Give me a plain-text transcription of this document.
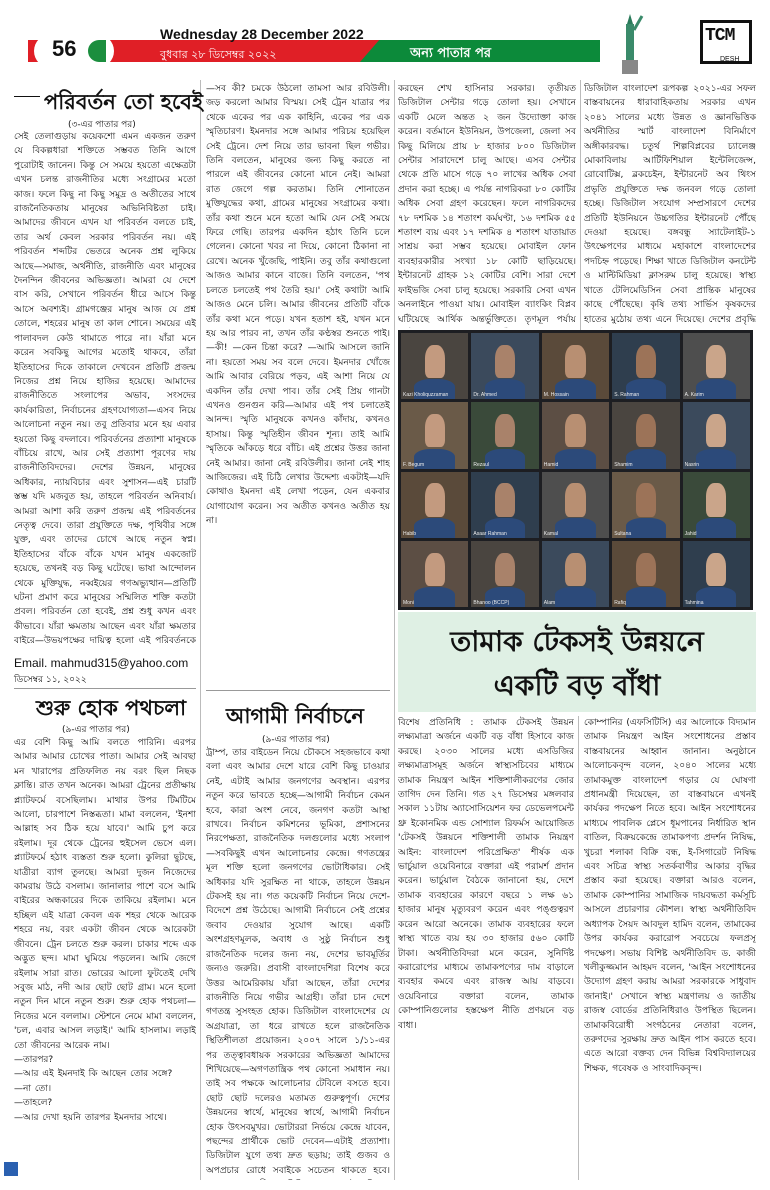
56
Wednesday 28 December 2022
বুধবার ২৮ ডিসেম্বর ২০২২	অন্য পাতার পর
TCM
DESH
পরিবর্তন তো হবেই
(৩-এর পাতার পর)
সেই তেলাগুড়ায় কয়েকশো এমন একজন তরুণ যে বিকল্পধারা শক্তিতে সম্ভবত তিনি আগে পুরোটাই জানেন। কিন্তু সে সময়ে হয়তো এক্ষেত্রটা এখন চলন্ত রাজনীতির মধ্যে সংগ্রামের মতো কাজ। ফলে কিছু না কিছু সমুদ্র ও অতীতের সাথে রাজনৈতিকতায় মানুষের অভিনিবিষ্টতা চাই। আমাদের জীবনে এখন যা পরিবর্তন বলতে চাই, তার অর্থ কেবল সরকার পরিবর্তন নয়। এই পরিবর্তন শব্দটির ভেতরে অনেক প্রশ্ন লুকিয়ে আছে—সমাজ, অর্থনীতি, রাজনীতি এবং মানুষের দৈনন্দিন জীবনের অভিজ্ঞতা। আমরা যে দেশে বাস করি, সেখানে পরিবর্তন ধীরে আসে কিন্তু আসে অবশ্যই। গ্রামগঞ্জের মানুষ আজ যে প্রশ্ন তোলে, শহরের মানুষ তা কাল শোনে। সময়ের এই পালাবদল কেউ থামাতে পারে না। যাঁরা মনে করেন সবকিছু আগের মতোই থাকবে, তাঁরা ইতিহাসের দিকে তাকালে দেখবেন প্রতিটি প্রজন্ম নিজের প্রশ্ন নিয়ে হাজির হয়েছে। আমাদের রাজনীতিতে সংলাপের অভাব, সংসদের কার্যকারিতা, নির্বাচনের গ্রহণযোগ্যতা—এসব নিয়ে আলোচনা নতুন নয়। তবু প্রতিবার মনে হয় এবার হয়তো কিছু বদলাবে। পরিবর্তনের প্রত্যাশা মানুষকে বাঁচিয়ে রাখে, আর সেই প্রত্যাশা পূরণের দায় রাজনীতিবিদদের। দেশের উন্নয়ন, মানুষের অধিকার, ন্যায়বিচার এবং সুশাসন—এই চারটি স্তম্ভ যদি মজবুত হয়, তাহলে পরিবর্তন অনিবার্য। আমরা আশা করি তরুণ প্রজন্ম এই পরিবর্তনের নেতৃত্ব দেবে। তারা প্রযুক্তিতে দক্ষ, পৃথিবীর সঙ্গে যুক্ত, এবং তাদের চোখে আছে নতুন স্বপ্ন। ইতিহাসের বাঁকে বাঁকে যখন মানুষ একজোট হয়েছে, তখনই বড় কিছু ঘটেছে। ভাষা আন্দোলন থেকে মুক্তিযুদ্ধ, নব্বইয়ের গণঅভ্যুত্থান—প্রতিটি ঘটনা প্রমাণ করে মানুষের সম্মিলিত শক্তি কতটা প্রবল। পরিবর্তন তো হবেই, প্রশ্ন শুধু কখন এবং কীভাবে। যাঁরা ক্ষমতায় আছেন এবং যাঁরা ক্ষমতার বাইরে—উভয়পক্ষের দায়িত্ব হলো এই পরিবর্তনকে
Email. mahmud315@yahoo.com
ডিসেম্বর ১১, ২০২২
শুরু হোক পথচলা
(৯-এর পাতার পর)
এর বেশি কিছু আমি বলতে পারিনি। এরপর আমার আমার চোখের পাতা। আমার সেই আবছা মন খারাপের প্রতিফলিত নয় বরং ছিল নিছক ক্লান্তি। রাত তখন অনেক। আমরা ট্রেনের প্রতীক্ষায় প্ল্যাটফর্মে বসেছিলাম। মাথার উপর টিমটিমে আলো, চারপাশে নিস্তব্ধতা। মামা বললেন, 'ইনশা আল্লাহ সব ঠিক হয়ে যাবে।' আমি চুপ করে রইলাম। দূর থেকে ট্রেনের হুইসেল ভেসে এল। প্ল্যাটফর্মে হঠাৎ ব্যস্ততা শুরু হলো। কুলিরা ছুটছে, যাত্রীরা ব্যাগ তুলছে। আমরা দুজন নিজেদের কামরায় উঠে বসলাম। জানালার পাশে বসে আমি বাইরের অন্ধকারের দিকে তাকিয়ে রইলাম। মনে হচ্ছিল এই যাত্রা কেবল এক শহর থেকে আরেক শহরে নয়, বরং একটা জীবন থেকে আরেকটা জীবনে। ট্রেন চলতে শুরু করল। চাকার শব্দে এক অদ্ভুত ছন্দ। মামা ঘুমিয়ে পড়লেন। আমি জেগে রইলাম সারা রাত। ভোরের আলো ফুটতেই দেখি সবুজ মাঠ, নদী আর ছোট ছোট গ্রাম। মনে হলো নতুন দিন মানে নতুন শুরু। শুরু হোক পথচলা—নিজের মনে বললাম। স্টেশনে নেমে মামা বললেন, 'চল, এবার আসল লড়াই।' আমি হাসলাম। লড়াই তো জীবনের আরেক নাম।
—তারপর?
—আর এই ইমনদাই কি আছেন তোর সঙ্গে?
—না তো।
—তাহলে?
—আর দেখা হয়নি তারপর ইমনদার সাথে।
—সব কী? চমকে উঠলো তামসা আর রবিউলী। জড় করলো আমার বিস্ময়। সেই ট্রেন যাত্রার পর থেকে একের পর এক কাহিনি, একের পর এক স্মৃতিচারণ। ইমনদার সঙ্গে আমার পরিচয় হয়েছিল সেই ট্রেনে। দেশ নিয়ে তার ভাবনা ছিল গভীর। তিনি বলতেন, মানুষের জন্য কিছু করতে না পারলে এই জীবনের কোনো মানে নেই। আমরা রাত জেগে গল্প করতাম। তিনি শোনাতেন মুক্তিযুদ্ধের কথা, গ্রামের মানুষের সংগ্রামের কথা। তাঁর কথা শুনে মনে হতো আমি যেন সেই সময়ে ফিরে গেছি। তারপর একদিন হঠাৎ তিনি চলে গেলেন। কোনো খবর না দিয়ে, কোনো ঠিকানা না রেখে। অনেক খুঁজেছি, পাইনি। তবু তাঁর কথাগুলো আজও আমার কানে বাজে। তিনি বলতেন, 'পথ চলতে চলতেই পথ তৈরি হয়।' সেই কথাটা আমি আজও মেনে চলি। আমার জীবনের প্রতিটি বাঁকে তাঁর কথা মনে পড়ে। যখন হতাশ হই, যখন মনে হয় আর পারব না, তখন তাঁর কণ্ঠস্বর শুনতে পাই। —কী! —কেন চিন্তা করে? —আমি আসলে জানি না। হয়তো সময় সব বলে দেবে। ইমনদার খোঁজে আমি আবার বেরিয়ে পড়ব, এই আশা নিয়ে যে একদিন তাঁর দেখা পাব। তাঁর সেই প্রিয় গানটা এখনও গুনগুন করি—আমার এই পথ চলাতেই আনন্দ। স্মৃতি মানুষকে কখনও কাঁদায়, কখনও হাসায়। কিন্তু স্মৃতিহীন জীবন শূন্য। তাই আমি স্মৃতিকে আঁকড়ে ধরে বাঁচি। এই প্রশ্নের উত্তর জানা নেই আমার। জানা নেই রবিউলীর। জানা নেই শাহ আজিজের। এই চিঠি লেখার উদ্দেশ্য একটাই—যদি কোথাও ইমনদা এই লেখা পড়েন, যেন একবার যোগাযোগ করেন। সব অতীত কখনও অতীত হয় না।
আগামী নির্বাচনে
(৯-এর পাতার পর)
ট্রাম্প, তার বাইডেন নিয়ে চৌকসে সহজভাবে কথা বলা এবং আমার দেশে যারে বেশি কিছু চাওয়ার নেই, এটাই আমার জনগণের অবস্থান। এরপর নতুন করে ভাবতে হচ্ছে—আগামী নির্বাচন কেমন হবে, কারা অংশ নেবে, জনগণ কতটা আস্থা রাখবে। নির্বাচন কমিশনের ভূমিকা, প্রশাসনের নিরপেক্ষতা, রাজনৈতিক দলগুলোর মধ্যে সংলাপ—সবকিছুই এখন আলোচনার কেন্দ্রে। গণতন্ত্রের মূল শক্তি হলো জনগণের ভোটাধিকার। সেই অধিকার যদি সুরক্ষিত না থাকে, তাহলে উন্নয়ন টেকসই হয় না। গত কয়েকটি নির্বাচন নিয়ে দেশে-বিদেশে প্রশ্ন উঠেছে। আগামী নির্বাচনে সেই প্রশ্নের জবাব দেওয়ার সুযোগ আছে। একটি অংশগ্রহণমূলক, অবাধ ও সুষ্ঠু নির্বাচন শুধু রাজনৈতিক দলের জন্য নয়, দেশের ভাবমূর্তির জন্যও জরুরি। প্রবাসী বাংলাদেশিরা বিশেষ করে উত্তর আমেরিকায় যাঁরা আছেন, তাঁরা দেশের রাজনীতি নিয়ে গভীর আগ্রহী। তাঁরা চান দেশে গণতন্ত্র সুসংহত হোক। ডিজিটাল বাংলাদেশের যে অগ্রযাত্রা, তা ধরে রাখতে হলে রাজনৈতিক স্থিতিশীলতা প্রয়োজন। ২০০৭ সালে ১/১১-এর পর তত্ত্বাবধায়ক সরকারের অভিজ্ঞতা আমাদের শিখিয়েছে—অগণতান্ত্রিক পথ কোনো সমাধান নয়। তাই সব পক্ষকে আলোচনার টেবিলে বসতে হবে। ছোট ছোট দলেরও মতামত গুরুত্বপূর্ণ। দেশের উন্নয়নের স্বার্থে, মানুষের স্বার্থে, আগামী নির্বাচন হোক উৎসবমুখর। ভোটাররা নির্ভয়ে কেন্দ্রে যাবেন, পছন্দের প্রার্থীকে ভোট দেবেন—এটাই প্রত্যাশা। ডিজিটাল যুগে তথ্য দ্রুত ছড়ায়; তাই গুজব ও অপপ্রচার রোধে সবাইকে সচেতন থাকতে হবে।
করছেন শেখ হাসিনার সরকার। তৃতীয়ত ডিজিটাল সেন্টার গড়ে তোলা হয়। সেখানে একটি মেলে অন্তত ২ জন উদ্যোক্তা কাজ করেন। বর্তমানে ইউনিয়ন, উপজেলা, জেলা সব কিছু মিলিয়ে প্রায় ৮ হাজার ৮০০ ডিজিটাল সেন্টার সারাদেশে চালু আছে। এসব সেন্টার থেকে প্রতি মাসে গড়ে ৭০ লাখের অধিক সেবা প্রদান করা হচ্ছে। এ পর্যন্ত নাগরিকরা ৮০ কোটির অধিক সেবা গ্রহণ করেছেন। ফলে নাগরিকদের ৭৮ দশমিক ১৪ শতাংশ কর্মঘণ্টা, ১৬ দশমিক ৫৫ শতাংশ ব্যয় এবং ১৭ দশমিক ৪ শতাংশ যাতায়াত সাশ্রয় করা সম্ভব হয়েছে। মোবাইল ফোন ব্যবহারকারীর সংখ্যা ১৮ কোটি ছাড়িয়েছে। ইন্টারনেট গ্রাহক ১২ কোটির বেশি। সারা দেশে ফাইভজি সেবা চালু হয়েছে। সরকারি সেবা এখন অনলাইনে পাওয়া যায়। মোবাইল ব্যাংকিং বিপ্লব ঘটিয়েছে আর্থিক অন্তর্ভুক্তিতে। তৃণমূল পর্যায়
ডিজিটাল বাংলাদেশ রূপকল্প ২০২১-এর সফল বাস্তবায়নের ধারাবাহিকতায় সরকার এখন ২০৪১ সালের মধ্যে উন্নত ও জ্ঞানভিত্তিক অর্থনীতির স্মার্ট বাংলাদেশ বিনির্মাণে অঙ্গীকারবদ্ধ। চতুর্থ শিল্পবিপ্লবের চ্যালেঞ্জ মোকাবিলায় আর্টিফিশিয়াল ইন্টেলিজেন্স, রোবোটিক্স, ব্লকচেইন, ইন্টারনেট অব থিংস প্রভৃতি প্রযুক্তিতে দক্ষ জনবল গড়ে তোলা হচ্ছে। ডিজিটাল সংযোগ সম্প্রসারণে দেশের প্রতিটি ইউনিয়নে উচ্চগতির ইন্টারনেট পৌঁছে দেওয়া হয়েছে। বঙ্গবন্ধু স্যাটেলাইট-১ উৎক্ষেপণের মাধ্যমে মহাকাশে বাংলাদেশের পদচিহ্ন পড়েছে। শিক্ষা খাতে ডিজিটাল কনটেন্ট ও মাল্টিমিডিয়া ক্লাসরুম চালু হয়েছে। স্বাস্থ্য খাতে টেলিমেডিসিন সেবা প্রান্তিক মানুষের কাছে পৌঁছেছে। কৃষি তথ্য সার্ভিস কৃষকদের হাতের মুঠোয় তথ্য এনে দিয়েছে। দেশের প্রবৃদ্ধি
Kazi Kholiquzzaman	Dr. Ahmed	M. Hossain	S. Rahman	A. Karim
F. Begum	Rezaul	Hamid	Shamim	Nasrin
Habib	Asaar Rahman	Kamal	Sultana	Jahid
Moni	Bhanoo (BCCP)	Alam	Rafiq	Tahmina
তামাক টেকসই উন্নয়নে
একটি বড় বাঁধা
বিশেষ প্রতিনিধি : তামাক টেকসই উন্নয়ন লক্ষ্যমাত্রা অর্জনে একটি বড় বাঁধা হিসাবে কাজ করছে। ২০৩০ সালের মধ্যে এসডিজির লক্ষ্যমাত্রাসমূহ অর্জনে স্বাস্থ্যসচিবের মাধ্যমে তামাক নিয়ন্ত্রণ আইন শক্তিশালীকরণের জোর তাগিদ দেন তিনি। গত ২৭ ডিসেম্বর মঙ্গলবার সকাল ১১টায় অ্যাসোসিয়েশন ফর ডেভেলপমেন্ট থ্রু ইকোনমিক এন্ড সোশ্যাল রিফর্মস আয়োজিত 'টেকসই উন্নয়নে শক্তিশালী তামাক নিয়ন্ত্রণ আইন: বাংলাদেশ পরিপ্রেক্ষিত' শীর্ষক এক ভার্চুয়াল ওয়েবিনারে বক্তারা এই পরামর্শ প্রদান করেন। ভার্চুয়াল বৈঠকে জানানো হয়, দেশে তামাক ব্যবহারের কারণে বছরে ১ লক্ষ ৬১ হাজার মানুষ মৃত্যুবরণ করেন এবং পঙ্গুত্বরণ করেন আরো অনেকে। তামাক ব্যবহারের ফলে স্বাস্থ্য খাতে ব্যয় হয় ৩০ হাজার ৫৬০ কোটি টাকা। অর্থনীতিবিদরা মনে করেন, সুনির্দিষ্ট করারোপের মাধ্যমে তামাকপণ্যের দাম বাড়ালে ব্যবহার কমবে এবং রাজস্ব আয় বাড়বে। ওয়েবিনারে বক্তারা বলেন, তামাক কোম্পানিগুলোর হস্তক্ষেপ নীতি প্রণয়নে বড় বাধা।
কোম্পানির (এফসিটিসি) এর আলোকে বিদ্যমান তামাক নিয়ন্ত্রণ আইন সংশোধনের প্রস্তাব বাস্তবায়নের আহ্বান জানান। অনুষ্ঠানে আলোচকবৃন্দ বলেন, ২০৪০ সালের মধ্যে তামাকমুক্ত বাংলাদেশ গড়ার যে ঘোষণা প্রধানমন্ত্রী দিয়েছেন, তা বাস্তবায়নে এখনই কার্যকর পদক্ষেপ নিতে হবে। আইন সংশোধনের মাধ্যমে পাবলিক প্লেসে ধূমপানের নির্ধারিত স্থান বাতিল, বিক্রয়কেন্দ্রে তামাকপণ্য প্রদর্শন নিষিদ্ধ, খুচরা শলাকা বিক্রি বন্ধ, ই-সিগারেট নিষিদ্ধ এবং সচিত্র স্বাস্থ্য সতর্কবাণীর আকার বৃদ্ধির প্রস্তাব করা হয়েছে। বক্তারা আরও বলেন, তামাক কোম্পানির সামাজিক দায়বদ্ধতা কর্মসূচি আসলে প্রচারণার কৌশল। স্বাস্থ্য অর্থনীতিবিদ অধ্যাপক সৈয়দ আবদুল হামিদ বলেন, তামাকের উপর কার্যকর করারোপ সবচেয়ে ফলপ্রসূ পদক্ষেপ। সভায় বিশিষ্ট অর্থনীতিবিদ ড. কাজী খলীকুজ্জমান আহমদ বলেন, 'আইন সংশোধনের উদ্যোগ গ্রহণ করায় আমরা সরকারকে সাধুবাদ জানাই।' সেখানে স্বাস্থ্য মন্ত্রণালয় ও জাতীয় রাজস্ব বোর্ডের প্রতিনিধিরাও উপস্থিত ছিলেন। তামাকবিরোধী সংগঠনের নেতারা বলেন, তরুণদের সুরক্ষায় দ্রুত আইন পাস করতে হবে। এতে আরো বক্তব্য দেন বিভিন্ন বিশ্ববিদ্যালয়ের শিক্ষক, গবেষক ও সাংবাদিকবৃন্দ।
